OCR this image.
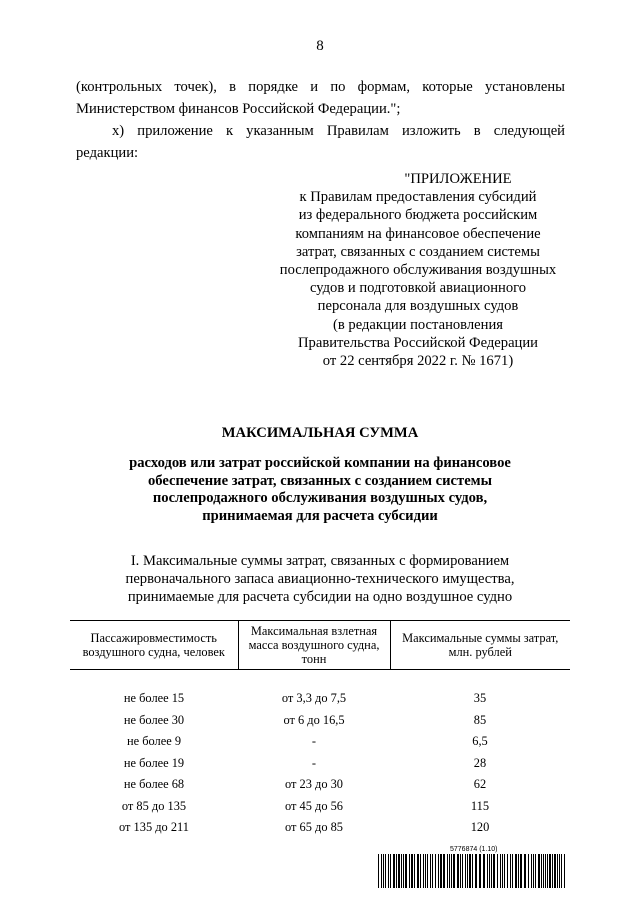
8
(контрольных точек), в порядке и по формам, которые установлены
Министерством финансов Российской Федерации.";
х) приложение к указанным Правилам изложить в следующей
редакции:
"ПРИЛОЖЕНИЕ
к Правилам предоставления субсидий
из федерального бюджета российским
компаниям на финансовое обеспечение
затрат, связанных с созданием системы
послепродажного обслуживания воздушных
судов и подготовкой авиационного
персонала для воздушных судов
(в редакции постановления
Правительства Российской Федерации
от 22 сентября 2022 г. № 1671)
МАКСИМАЛЬНАЯ СУММА
расходов или затрат российской компании на финансовое
обеспечение затрат, связанных с созданием системы
послепродажного обслуживания воздушных судов,
принимаемая для расчета субсидии
I. Максимальные суммы затрат, связанных с формированием
первоначального запаса авиационно-технического имущества,
принимаемые для расчета субсидии на одно воздушное судно
Пассажировместимость воздушного судна, человек	Максимальная взлетная масса воздушного судна, тонн	Максимальные суммы затрат, млн. рублей

не более 15	от 3,3 до 7,5	35
не более 30	от 6 до 16,5	85
не более 9	-	6,5
не более 19	-	28
не более 68	от 23 до 30	62
от 85 до 135	от 45 до 56	115
от 135 до 211	от 65 до 85	120
5776874 (1.10)
